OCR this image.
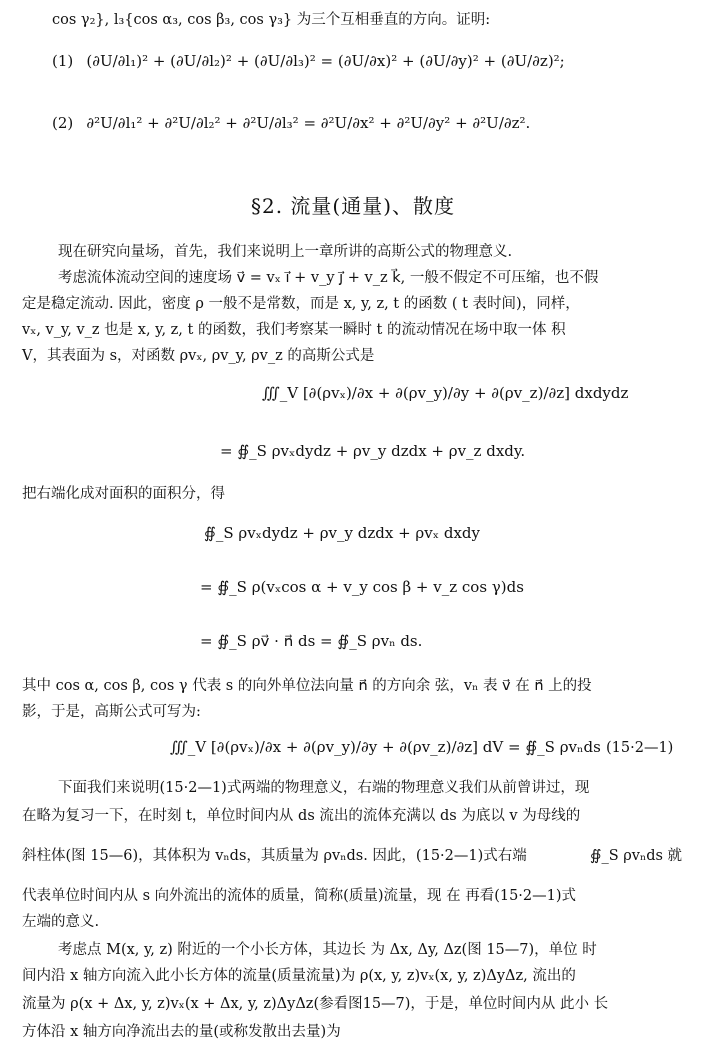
cos γ₂}, l₃{cos α₃, cos β₃, cos γ₃} 为三个互相垂直的方向。证明:
(1) (∂U/∂l₁)² + (∂U/∂l₂)² + (∂U/∂l₃)² = (∂U/∂x)² + (∂U/∂y)² + (∂U/∂z)²;
(2) ∂²U/∂l₁² + ∂²U/∂l₂² + ∂²U/∂l₃² = ∂²U/∂x² + ∂²U/∂y² + ∂²U/∂z².
§2. 流量(通量)、散度
现在研究向量场，首先，我们来说明上一章所讲的高斯公式的物理意义.
考虑流体流动空间的速度场 v⃗ = vₓ i⃗ + v_y j⃗ + v_z k⃗, 一般不假定不可压缩，也不假
定是稳定流动. 因此，密度 ρ 一般不是常数，而是 x, y, z, t 的函数 ( t 表时间)，同样，
vₓ, v_y, v_z 也是 x, y, z, t 的函数，我们考察某一瞬时 t 的流动情况在场中取一体 积
V，其表面为 s，对函数 ρvₓ, ρv_y, ρv_z 的高斯公式是
∭_V [∂(ρvₓ)/∂x + ∂(ρv_y)/∂y + ∂(ρv_z)/∂z] dxdydz
= ∯_S ρvₓdydz + ρv_y dzdx + ρv_z dxdy.
把右端化成对面积的面积分，得
∯_S ρvₓdydz + ρv_y dzdx + ρvₓ dxdy
= ∯_S ρ(vₓcos α + v_y cos β + v_z cos γ)ds
= ∯_S ρv⃗ · n⃗ ds = ∯_S ρvₙ ds.
其中 cos α, cos β, cos γ 代表 s 的向外单位法向量 n⃗ 的方向余 弦，vₙ 表 v⃗ 在 n⃗ 上的投
影，于是，高斯公式可写为:
∭_V [∂(ρvₓ)/∂x + ∂(ρv_y)/∂y + ∂(ρv_z)/∂z] dV = ∯_S ρvₙds (15·2—1)
下面我们来说明(15·2—1)式两端的物理意义，右端的物理意义我们从前曾讲过，现
在略为复习一下，在时刻 t，单位时间内从 ds 流出的流体充满以 ds 为底以 v 为母线的
斜柱体(图 15—6)，其体积为 vₙds，其质量为 ρvₙds. 因此，(15·2—1)式右端	∯_S ρvₙds 就
代表单位时间内从 s 向外流出的流体的质量，简称(质量)流量，现 在 再看(15·2—1)式
左端的意义.
考虑点 M(x, y, z) 附近的一个小长方体，其边长 为 Δx, Δy, Δz(图 15—7)，单位 时
间内沿 x 轴方向流入此小长方体的流量(质量流量)为 ρ(x, y, z)vₓ(x, y, z)ΔyΔz, 流出的
流量为 ρ(x + Δx, y, z)vₓ(x + Δx, y, z)ΔyΔz(参看图15—7)，于是，单位时间内从 此小 长
方体沿 x 轴方向净流出去的量(或称发散出去量)为
